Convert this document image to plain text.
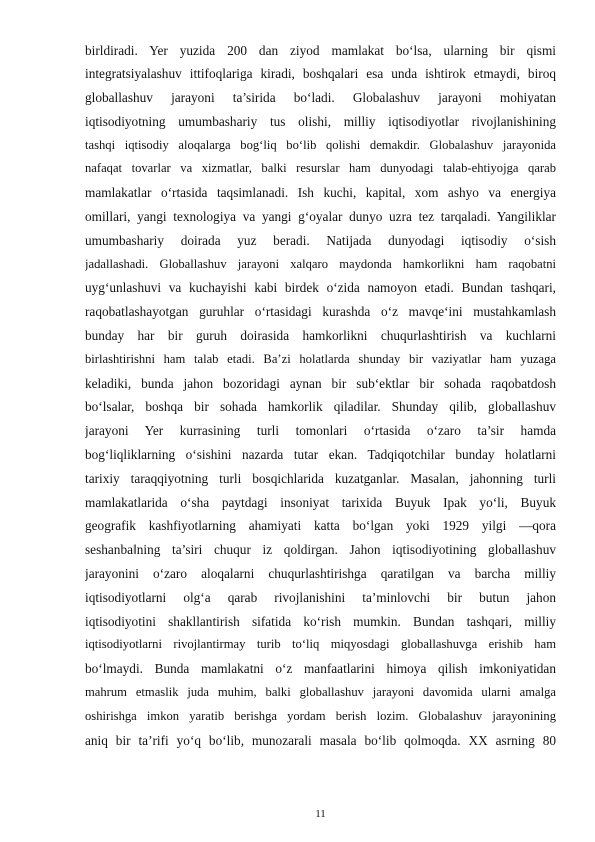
birldiradi. Yer yuzida 200 dan ziyod mamlakat bo‘lsa, ularning bir qismi
integratsiyalashuv ittifoqlariga kiradi, boshqalari esa unda ishtirok etmaydi, biroq
globallashuv jarayoni ta’sirida bo‘ladi. Globalashuv jarayoni mohiyatan
iqtisodiyotning umumbashariy tus olishi, milliy iqtisodiyotlar rivojlanishining
tashqi iqtisodiy aloqalarga bog‘liq bo‘lib qolishi demakdir. Globalashuv jarayonida
nafaqat tovarlar va xizmatlar, balki resurslar ham dunyodagi talab-ehtiyojga qarab
mamlakatlar o‘rtasida taqsimlanadi. Ish kuchi, kapital, xom ashyo va energiya
omillari, yangi texnologiya va yangi g‘oyalar dunyo uzra tez tarqaladi. Yangiliklar
umumbashariy doirada yuz beradi. Natijada dunyodagi iqtisodiy o‘sish
jadallashadi. Globallashuv jarayoni xalqaro maydonda hamkorlikni ham raqobatni
uyg‘unlashuvi va kuchayishi kabi birdek o‘zida namoyon etadi. Bundan tashqari,
raqobatlashayotgan guruhlar o‘rtasidagi kurashda o‘z mavqe‘ini mustahkamlash
bunday har bir guruh doirasida hamkorlikni chuqurlashtirish va kuchlarni
birlashtirishni ham talab etadi. Ba’zi holatlarda shunday bir vaziyatlar ham yuzaga
keladiki, bunda jahon bozoridagi aynan bir sub‘ektlar bir sohada raqobatdosh
bo‘lsalar, boshqa bir sohada hamkorlik qiladilar. Shunday qilib, globallashuv
jarayoni Yer kurrasining turli tomonlari o‘rtasida o‘zaro ta’sir hamda
bog‘liqliklarning o‘sishini nazarda tutar ekan. Tadqiqotchilar bunday holatlarni
tarixiy taraqqiyotning turli bosqichlarida kuzatganlar. Masalan, jahonning turli
mamlakatlarida o‘sha paytdagi insoniyat tarixida Buyuk Ipak yo‘li, Buyuk
geografik kashfiyotlarning ahamiyati katta bo‘lgan yoki 1929 yilgi ―qora
seshanba‖ning ta’siri chuqur iz qoldirgan. Jahon iqtisodiyotining globallashuv
jarayonini o‘zaro aloqalarni chuqurlashtirishga qaratilgan va barcha milliy
iqtisodiyotlarni olg‘a qarab rivojlanishini ta’minlovchi bir butun jahon
iqtisodiyotini shakllantirish sifatida ko‘rish mumkin. Bundan tashqari, milliy
iqtisodiyotlarni rivojlantirmay turib to‘liq miqyosdagi globallashuvga erishib ham
bo‘lmaydi. Bunda mamlakatni o‘z manfaatlarini himoya qilish imkoniyatidan
mahrum etmaslik juda muhim, balki globallashuv jarayoni davomida ularni amalga
oshirishga imkon yaratib berishga yordam berish lozim. Globalashuv jarayonining
aniq bir ta’rifi yo‘q bo‘lib, munozarali masala bo‘lib qolmoqda. XX asrning 80
11
